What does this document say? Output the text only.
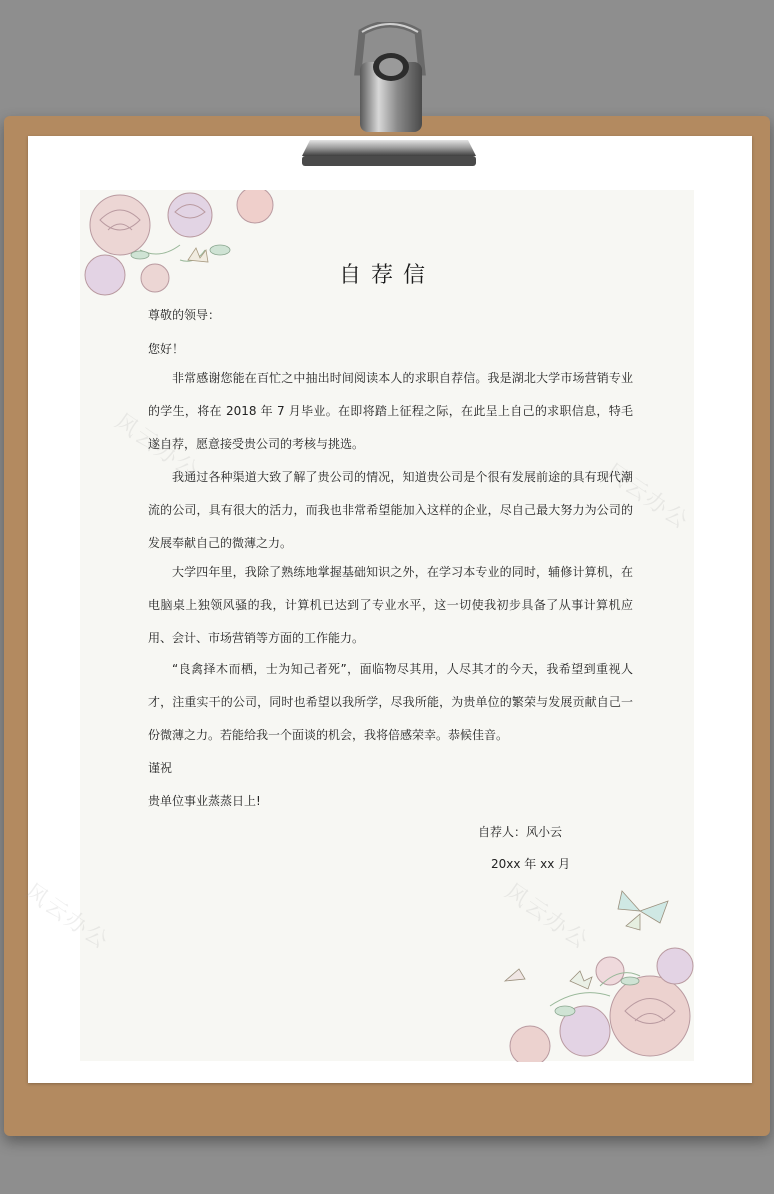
风云办公
风云办公
风云办公	风云办公
自荐信
尊敬的领导：
您好！
非常感谢您能在百忙之中抽出时间阅读本人的求职自荐信。我是湖北大学市场营销专业的学生，将在 2018 年 7 月毕业。在即将踏上征程之际，在此呈上自己的求职信息，特毛遂自荐，愿意接受贵公司的考核与挑选。
我通过各种渠道大致了解了贵公司的情况，知道贵公司是个很有发展前途的具有现代潮流的公司，具有很大的活力，而我也非常希望能加入这样的企业，尽自己最大努力为公司的发展奉献自己的微薄之力。
大学四年里，我除了熟练地掌握基础知识之外，在学习本专业的同时，辅修计算机，在电脑桌上独领风骚的我，计算机已达到了专业水平，这一切使我初步具备了从事计算机应用、会计、市场营销等方面的工作能力。
“良禽择木而栖，士为知己者死”，面临物尽其用，人尽其才的今天，我希望到重视人才，注重实干的公司，同时也希望以我所学，尽我所能，为贵单位的繁荣与发展贡献自己一份微薄之力。若能给我一个面谈的机会，我将倍感荣幸。恭候佳音。
谨祝
贵单位事业蒸蒸日上!
自荐人：风小云
20xx 年 xx 月
